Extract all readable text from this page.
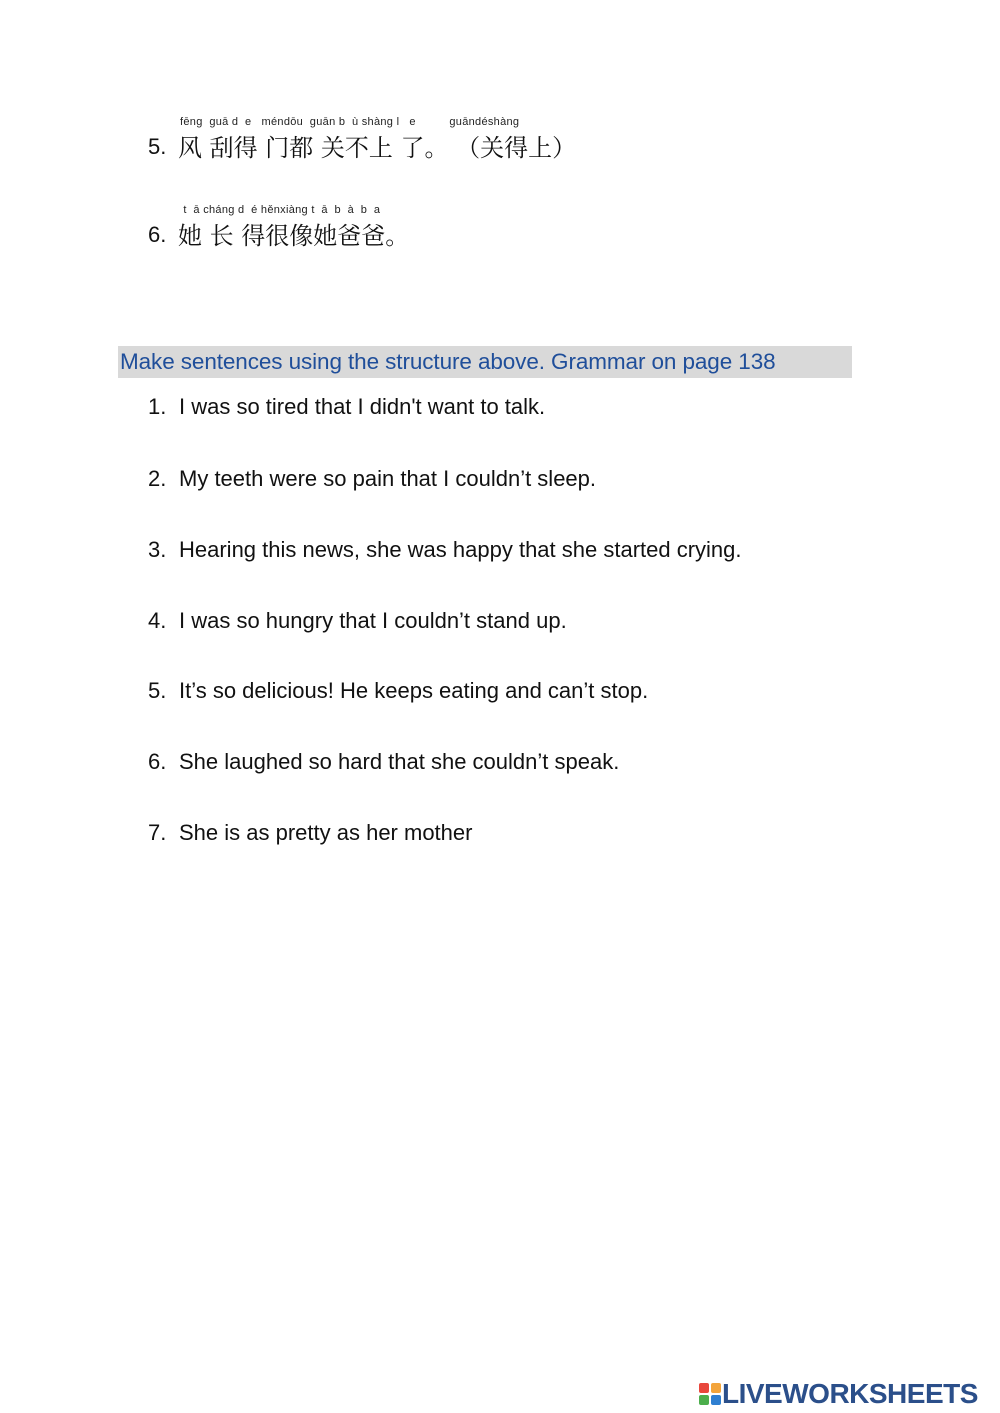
5.
fēng  guā d  e   méndōu  guān b  ù shàng l   e          guāndéshàng
风 刮得 门都 关不上 了。 （关得上）
6.
t  ā cháng d  é hěnxiàng t  ā  b  à  b  a
她 长 得很像她爸爸。
Make sentences using the structure above. Grammar on page 138
1. I was so tired that I didn't want to talk.
2. My teeth were so pain that I couldn’t sleep.
3. Hearing this news, she was happy that she started crying.
4. I was so hungry that I couldn’t stand up.
5. It’s so delicious! He keeps eating and can’t stop.
6. She laughed so hard that she couldn’t speak.
7. She is as pretty as her mother
LIVEWORKSHEETS
